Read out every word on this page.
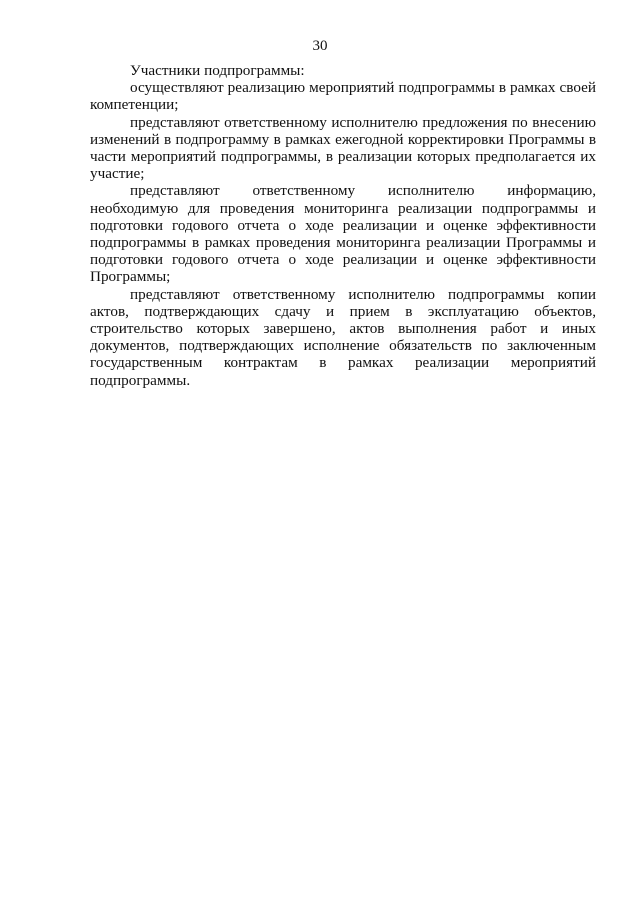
30

Участники подпрограммы:

осуществляют реализацию мероприятий подпрограммы в рамках своей компетенции;

представляют ответственному исполнителю предложения по внесению изменений в подпрограмму в рамках ежегодной корректировки Программы в части мероприятий подпрограммы, в реализации которых предполагается их участие;

представляют ответственному исполнителю информацию, необходимую для проведения мониторинга реализации подпрограммы и подготовки годового отчета о ходе реализации и оценке эффективности подпрограммы в рамках проведения мониторинга реализации Программы и подготовки годового отчета о ходе реализации и оценке эффективности Программы;

представляют ответственному исполнителю подпрограммы копии актов, подтверждающих сдачу и прием в эксплуатацию объектов, строительство которых завершено, актов выполнения работ и иных документов, подтверждающих исполнение обязательств по заключенным государственным контрактам в рамках реализации мероприятий подпрограммы.
